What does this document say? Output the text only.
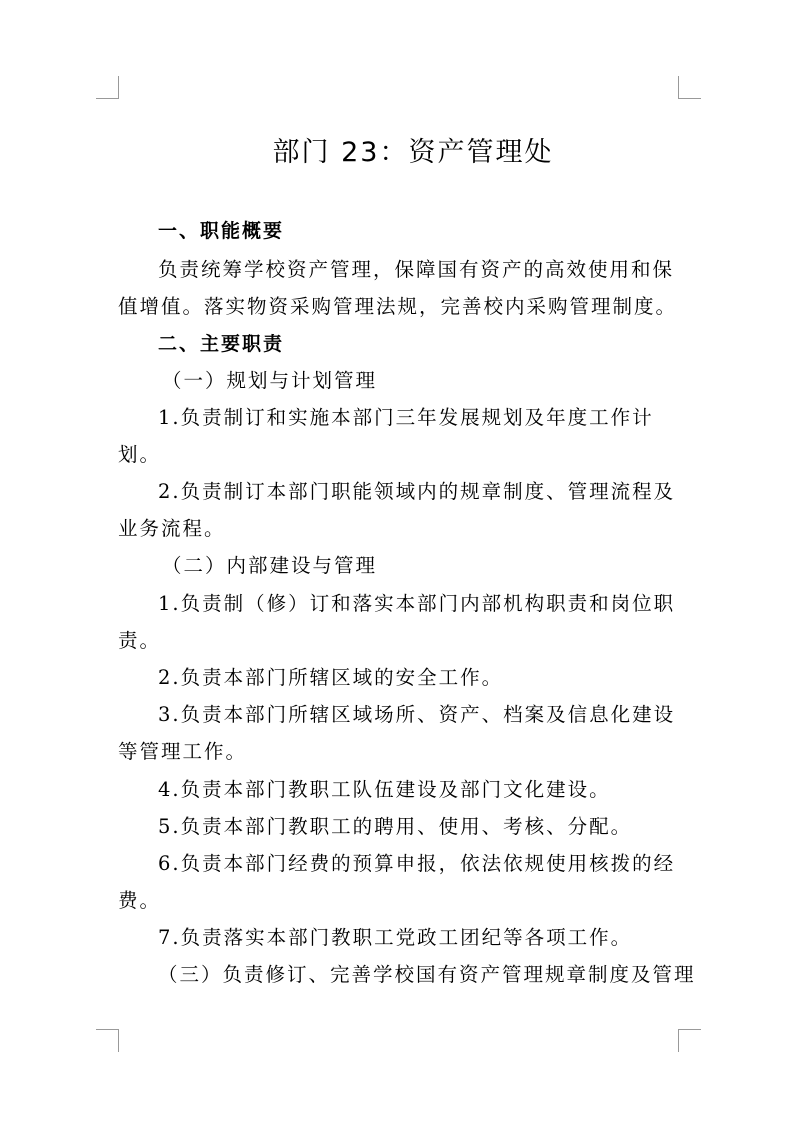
部门 23：资产管理处
一、职能概要
负责统筹学校资产管理，保障国有资产的高效使用和保
值增值。落实物资采购管理法规，完善校内采购管理制度。
二、主要职责
（一）规划与计划管理
1.负责制订和实施本部门三年发展规划及年度工作计
划。
2.负责制订本部门职能领域内的规章制度、管理流程及
业务流程。
（二）内部建设与管理
1.负责制（修）订和落实本部门内部机构职责和岗位职
责。
2.负责本部门所辖区域的安全工作。
3.负责本部门所辖区域场所、资产、档案及信息化建设
等管理工作。
4.负责本部门教职工队伍建设及部门文化建设。
5.负责本部门教职工的聘用、使用、考核、分配。
6.负责本部门经费的预算申报，依法依规使用核拨的经
费。
7.负责落实本部门教职工党政工团纪等各项工作。
（三）负责修订、完善学校国有资产管理规章制度及管理
